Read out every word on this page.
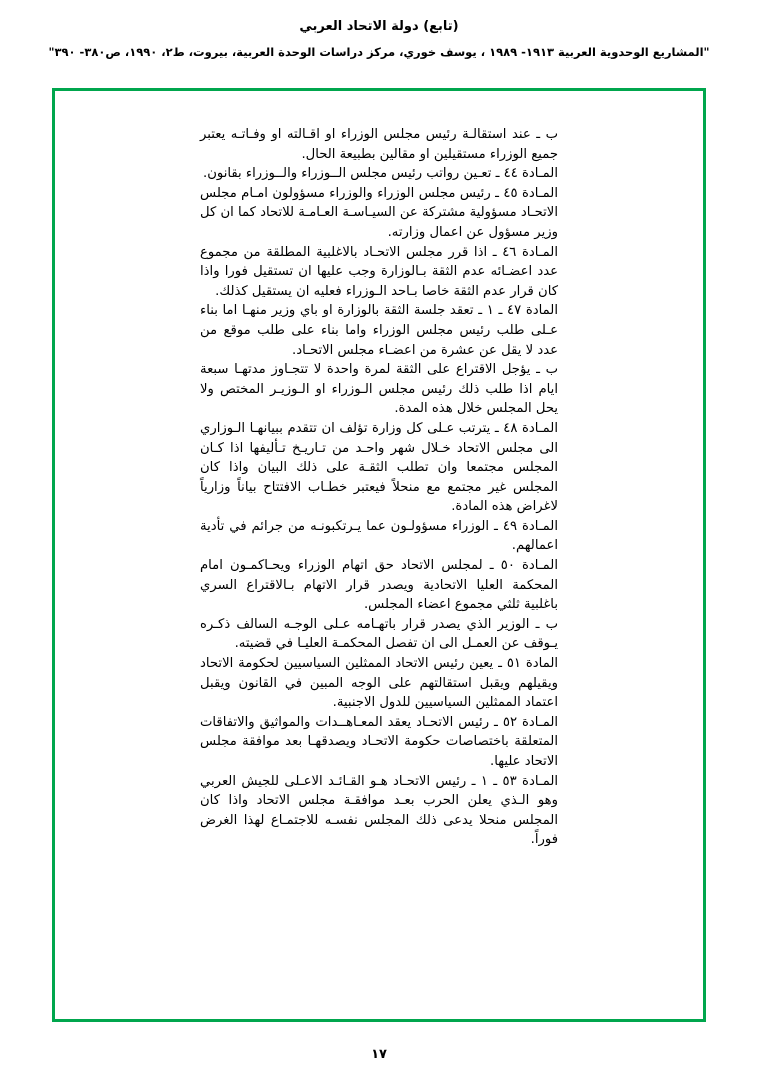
(تابع) دولة الاتحاد العربي
"المشاريع الوحدوية العربية ١٩١٣- ١٩٨٩ ، يوسف خوري، مركز دراسات الوحدة العربية، بيروت، ط٢، ١٩٩٠، ص٣٨٠- ٣٩٠"

ب ـ عند استقالـة رئيس مجلس الوزراء او اقـالته او وفـاتـه يعتبر جميع الوزراء مستقيلين او مقالين بطبيعة الحال.

المـادة ٤٤ ـ تعـين رواتب رئيس مجلس الــوزراء والــوزراء بقانون.

المـادة ٤٥ ـ رئيس مجلس الوزراء والوزراء مسؤولون امـام مجلس الاتحـاد مسؤولية مشتركة عن السيـاسـة العـامـة للاتحاد كما ان كل وزير مسؤول عن اعمال وزارته.

المـادة ٤٦ ـ اذا قرر مجلس الاتحـاد بالاغلبية المطلقة من مجموع عدد اعضـائه عدم الثقة بـالوزارة وجب عليها ان تستقيل فورا واذا كان قرار عدم الثقة خاصا بـاحد الـوزراء فعليه ان يستقيل كذلك.

المادة ٤٧ ـ ١ ـ تعقد جلسة الثقة بالوزارة او باي وزير منهـا اما بناء عـلى طلب رئيس مجلس الوزراء واما بناء على طلب موقع من عدد لا يقل عن عشرة من اعضـاء مجلس الاتحـاد.

ب ـ يؤجل الاقتراع على الثقة لمرة واحدة لا تتجـاوز مدتهـا سبعة ايام اذا طلب ذلك رئيس مجلس الـوزراء او الـوزيـر المختص ولا يحل المجلس خلال هذه المدة.

المـادة ٤٨ ـ يترتب عـلى كل وزارة تؤلف ان تتقدم ببيانهـا الـوزاري الى مجلس الاتحاد خـلال شهر واحـد من تـاريـخ تـأليفها اذا كـان المجلس مجتمعا وان تطلب الثقـة على ذلك البيان واذا كان المجلس غير مجتمع مع منحلاً فيعتبر خطـاب الافتتاح بياناً وزارياً لاغراض هذه المادة.

المـادة ٤٩ ـ الوزراء مسؤولـون عما يـرتكبونـه من جرائم في تأدية اعمالهم.

المـادة ٥٠ ـ لمجلس الاتحاد حق اتهام الوزراء ويحـاكمـون امام المحكمة العليا الاتحادية ويصدر قرار الاتهام بـالاقتراع السري باغلبية ثلثي مجموع اعضاء المجلس.

ب ـ الوزير الذي يصدر قرار باتهـامه عـلى الوجـه السالف ذكـره يـوقف عن العمـل الى ان تفصل المحكمـة العليـا في قضيته.

المادة ٥١ ـ يعين رئيس الاتحاد الممثلين السياسيين لحكومة الاتحاد ويقيلهم ويقبل استقالتهم على الوجه المبين في القانون ويقبل اعتماد الممثلين السياسيين للدول الاجنبية.

المـادة ٥٢ ـ رئيس الاتحـاد يعقد المعـاهــدات والمواثيق والاتفاقات المتعلقة باختصاصات حكومة الاتحـاد ويصدقهـا بعد موافقة مجلس الاتحاد عليها.

المـادة ٥٣ ـ ١ ـ رئيس الاتحـاد هـو القـائـد الاعـلى للجيش العربي وهو الـذي يعلن الحرب بعـد موافقـة مجلس الاتحاد واذا كان المجلس منحلا يدعى ذلك المجلس نفسـه للاجتمـاع لهذا الغرض فوراً.

١٧
